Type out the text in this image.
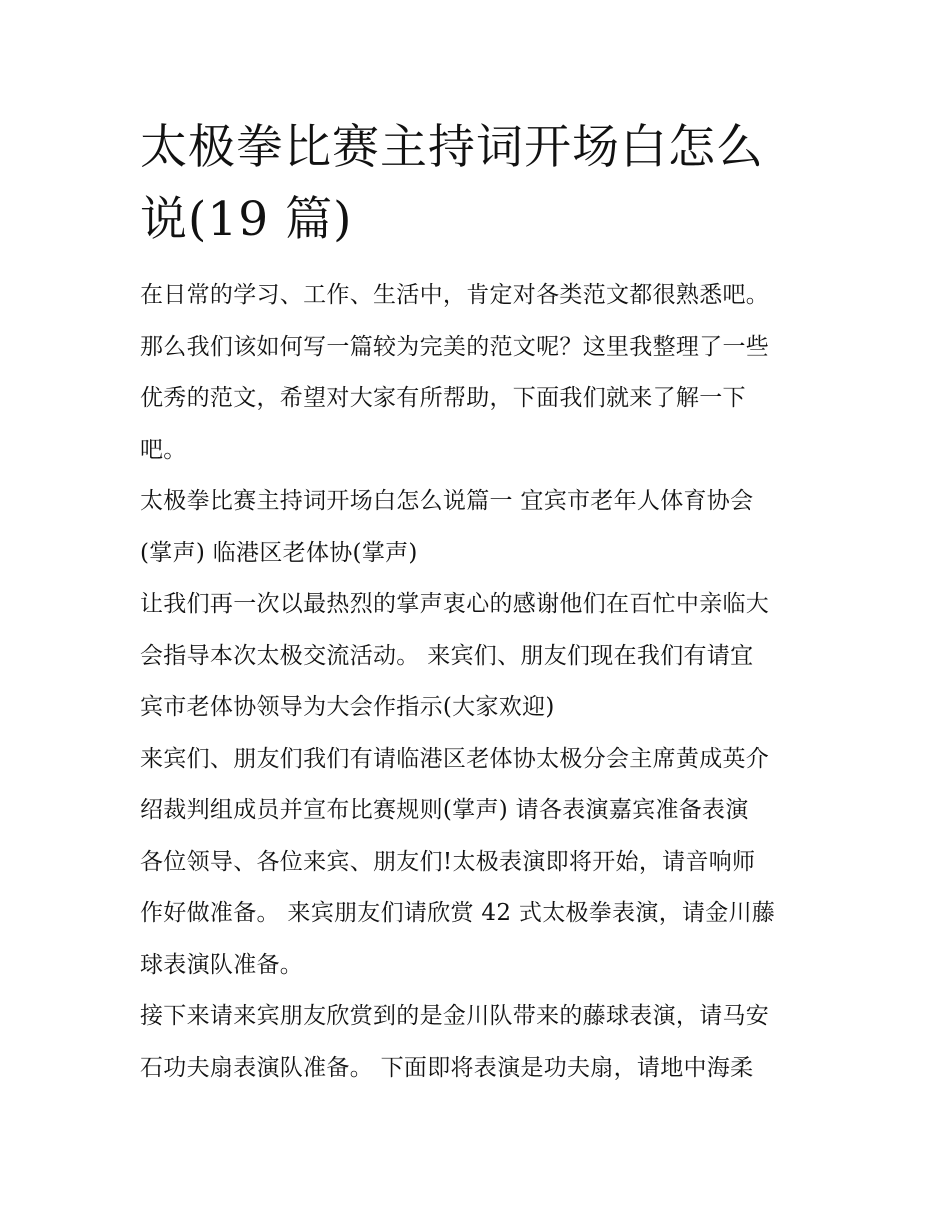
太极拳比赛主持词开场白怎么
说(19 篇)
在日常的学习、工作、生活中，肯定对各类范文都很熟悉吧。
那么我们该如何写一篇较为完美的范文呢？这里我整理了一些
优秀的范文，希望对大家有所帮助，下面我们就来了解一下
吧。
太极拳比赛主持词开场白怎么说篇一 宜宾市老年人体育协会
(掌声) 临港区老体协(掌声)
让我们再一次以最热烈的掌声衷心的感谢他们在百忙中亲临大
会指导本次太极交流活动。 来宾们、朋友们现在我们有请宜
宾市老体协领导为大会作指示(大家欢迎)
来宾们、朋友们我们有请临港区老体协太极分会主席黄成英介
绍裁判组成员并宣布比赛规则(掌声) 请各表演嘉宾准备表演
各位领导、各位来宾、朋友们!太极表演即将开始，请音响师
作好做准备。 来宾朋友们请欣赏 42 式太极拳表演，请金川藤
球表演队准备。
接下来请来宾朋友欣赏到的是金川队带来的藤球表演，请马安
石功夫扇表演队准备。 下面即将表演是功夫扇，请地中海柔
